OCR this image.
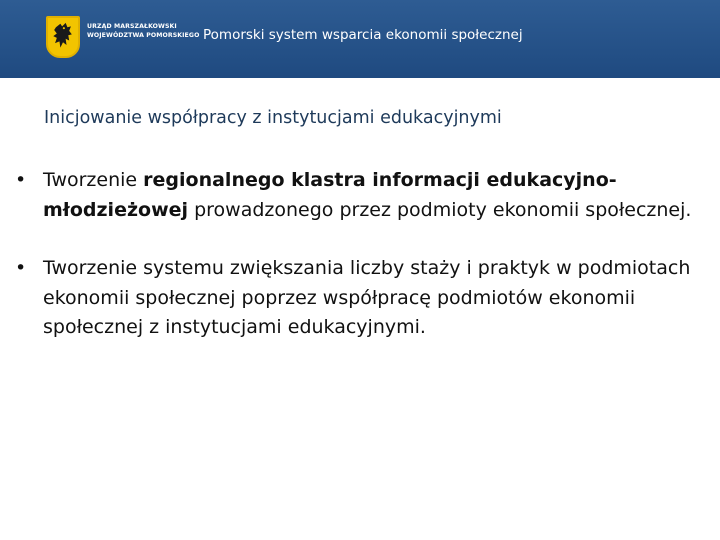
URZĄD MARSZAŁKOWSKI
WOJEWÓDZTWA POMORSKIEGO Pomorski system wsparcia ekonomii społecznej
Inicjowanie współpracy z instytucjami edukacyjnymi
• Tworzenie regionalnego klastra informacji edukacyjno-młodzieżowej prowadzonego przez podmioty ekonomii społecznej.
• Tworzenie systemu zwiększania liczby staży i praktyk w podmiotach ekonomii społecznej poprzez współpracę podmiotów ekonomii społecznej z instytucjami edukacyjnymi.
